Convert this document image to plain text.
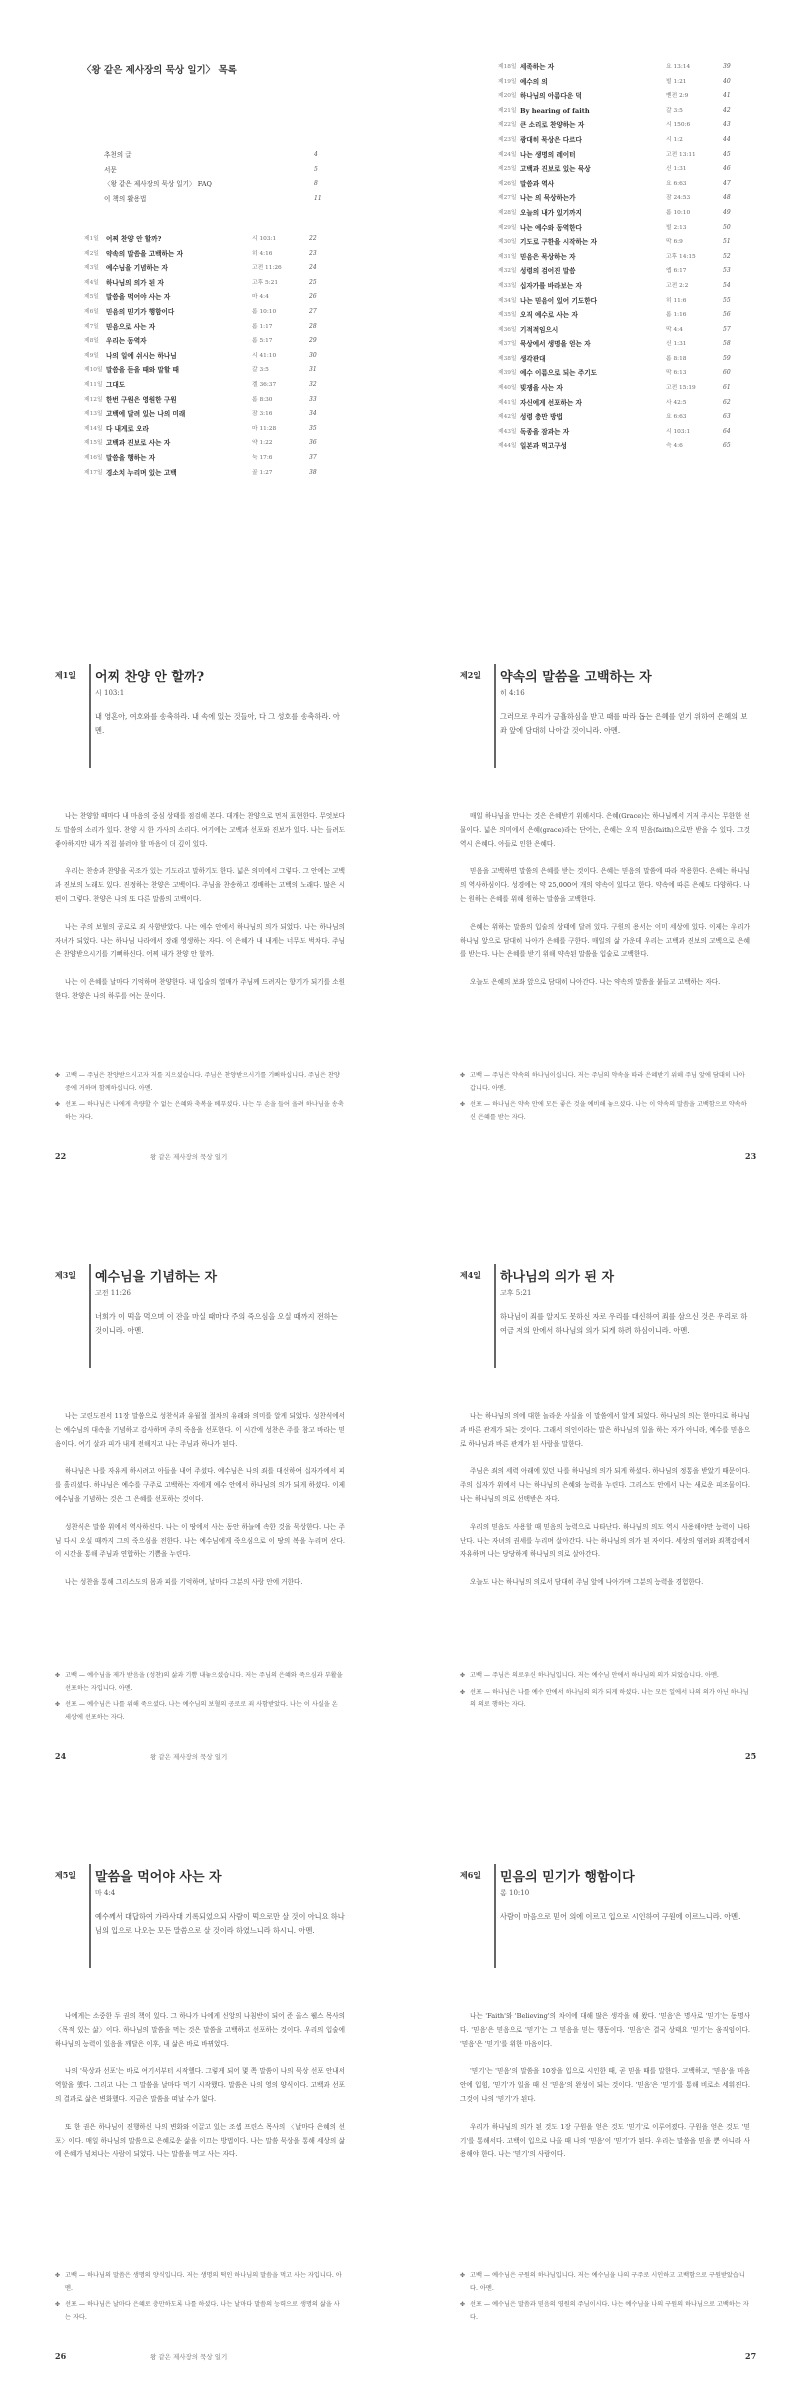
〈왕 같은 제사장의 묵상 일기〉 목록
추천의 글	4
서문	5
〈왕 같은 제사장의 묵상 일기〉 FAQ	8
이 책의 활용법	11
제1일 어찌 찬양 안 할까?	시 103:1	22
제2일 약속의 말씀을 고백하는 자	히 4:16	23
제3일 예수님을 기념하는 자	고전 11:26	24
제4일 하나님의 의가 된 자	고후 5:21	25
제5일 말씀을 먹어야 사는 자	마 4:4	26
제6일 믿음의 믿기가 행함이다	롬 10:10	27
제7일 믿음으로 사는 자	롬 1:17	28
제8일 우리는 동역자	롬 5:17	29
제9일 나의 일에 쉬시는 하나님	시 41:10	30
제10일 말씀을 듣을 때와 말할 때	갈 3:5	31
제11일 그대도	겔 36:37	32
제12일 한번 구원은 영원한 구원	롬 8:30	33
제13일 고백에 달려 있는 나의 미래	잠 3:16	34
제14일 다 내게로 오라	마 11:28	35
제15일 고백과 진보로 사는 자	약 1:22	36
제16일 말씀을 행하는 자	눅 17:6	37
제17일 경소치 누리며 있는 고백	골 1:27	38
제18일 세족하는 자	요 13:14	39
제19일 예수의 의	빌 1:21	40
제20일 하나님의 아름다운 덕	벧전 2:9	41
제21일 By hearing of faith	갈 3:5	42
제22일 큰 소리로 찬양하는 자	시 150:6	43
제23일 광대히 묵상은 다르다	시 1:2	44
제24일 나는 생명의 레이터	고전 13:11	45
제25일 고백과 진보로 있는 묵상	신 1:31	46
제26일 말씀과 역사	요 6:63	47
제27일 나는 의 묵상하는가	잠 24:53	48
제28일 오늘의 내가 있기까지	롬 10:10	49
제29일 나는 예수와 동역한다	빌 2:13	50
제30일 기도로 구한을 시작하는 자	막 6:9	51
제31일 믿음은 묵상하는 자	고후 14:15	52
제32일 성령의 검어진 말씀	엡 6:17	53
제33일 십자가를 바라보는 자	고전 2:2	54
제34일 나는 믿음이 있어 기도한다	히 11:6	55
제35일 오직 예수로 사는 자	롬 1:16	56
제36일 기적적임으시	막 4:4	57
제37일 묵상에서 생명을 얻는 자	신 1:31	58
제38일 생각관대	롬 8:18	59
제39일 예수 이름으로 되는 주기도	막 6:13	60
제40일 빚쟁을 사는 자	고전 15:19	61
제41일 자신에게 선포하는 자	사 42:5	62
제42일 성령 충만 방법	요 6:63	63
제43일 독종을 잠과는 자	시 103:1	64
제44일 일본과 먹고구성	슥 4:6	65
제1일 어찌 찬양 안 할까?
시 103:1
내 영혼아, 여호와를 송축하라. 내 속에 있는 것들아, 다 그 성호를 송축하라. 아멘.

나는 찬양할 때마다 내 마음의 중심 상태를 점검해 본다. 대개는 찬양으로 먼저 표현한다. 무엇보다도 말씀의 소리가 있다. 찬양 시 한 가사의 소리다. 여기에는 고백과 선포와 진보가 있다. 나는 들려도 좋아하지만 내가 직접 불러야 할 마음이 더 깊이 있다.

우리는 찬송과 찬양을 곡조가 있는 기도라고 말하기도 한다. 넓은 의미에서 그렇다. 그 안에는 고백과 진보의 노래도 있다. 진정하는 찬양은 고백이다. 주님을 찬송하고 경배하는 고백의 노래다. 많은 시편이 그렇다. 찬양은 나의 또 다른 말씀의 고백이다.

나는 주의 보혈의 공로로 죄 사함받았다. 나는 예수 안에서 하나님의 의가 되었다. 나는 하나님의 자녀가 되었다. 나는 하나님 나라에서 장래 영생하는 자다. 이 은혜가 내 내게는 너무도 벅차다. 주님은 찬양받으시기를 기뻐하신다. 어찌 내가 찬양 안 할까.

나는 이 은혜를 날마다 기억하며 찬양한다. 내 입술의 열매가 주님께 드려지는 향기가 되기를 소원한다. 찬양은 나의 하루를 여는 문이다.

✤ 고백 — 주님은 찬양받으시고자 저를 지으셨습니다. 주님은 찬양받으시기를 기뻐하십니다. 주님은 찬양 중에 거하며 함께하십니다. 아멘.
✤ 선포 — 하나님은 나에게 측량할 수 없는 은혜와 축복을 베푸셨다. 나는 두 손을 들어 올려 하나님을 송축하는 자다.
22	왕 같은 제사장의 묵상 일기
제2일 약속의 말씀을 고백하는 자
히 4:16
그러므로 우리가 긍휼하심을 받고 때를 따라 돕는 은혜를 얻기 위하여 은혜의 보좌 앞에 담대히 나아갈 것이니라. 아멘.

매일 하나님을 만나는 것은 은혜받기 위해서다. 은혜(Grace)는 하나님께서 거저 주시는 무한한 선물이다. 넓은 의미에서 은혜(grace)라는 단어는, 은혜는 오직 믿음(faith)으로만 받을 수 있다. 그것 역시 은혜다. 아들로 인한 은혜다.

믿음을 고백하면 말씀의 은혜를 받는 것이다. 은혜는 믿음의 말씀에 따라 작용한다. 은혜는 하나님의 역사하심이다. 성경에는 약 25,000여 개의 약속이 있다고 한다. 약속에 따른 은혜도 다양하다. 나는 원하는 은혜를 위해 원하는 말씀을 고백한다.

은혜는 위하는 말씀의 입술의 상태에 달려 있다. 구원의 용서는 이미 세상에 있다. 이제는 우리가 하나님 앞으로 담대히 나아가 은혜를 구한다. 매일의 삶 가운데 우리는 고백과 진보의 고백으로 은혜를 받는다. 나는 은혜를 받기 위해 약속된 말씀을 입술로 고백한다.

오늘도 은혜의 보좌 앞으로 담대히 나아간다. 나는 약속의 말씀을 붙들고 고백하는 자다.

✤ 고백 — 주님은 약속의 하나님이십니다. 저는 주님의 약속을 따라 은혜받기 위해 주님 앞에 담대히 나아갑니다. 아멘.
✤ 선포 — 하나님은 약속 안에 모든 좋은 것을 예비해 놓으셨다. 나는 이 약속의 말씀을 고백함으로 약속하신 은혜를 받는 자다.
23
제3일 예수님을 기념하는 자
고전 11:26
너희가 이 떡을 먹으며 이 잔을 마실 때마다 주의 죽으심을 오실 때까지 전하는 것이니라. 아멘.

나는 고린도전서 11장 말씀으로 성찬식과 유월절 절차의 유래와 의미를 알게 되었다. 성찬식에서는 예수님의 대속을 기념하고 감사하며 주의 죽음을 선포한다. 이 시간에 성찬은 주를 참고 바라는 믿음이다. 여기 살과 피가 내게 전해지고 나는 주님과 하나가 된다.

하나님은 나를 자유케 하시려고 아들을 내어 주셨다. 예수님은 나의 죄를 대신하여 십자가에서 피를 흘리셨다. 하나님은 예수를 구주로 고백하는 자에게 예수 안에서 하나님의 의가 되게 하셨다. 이제 예수님을 기념하는 것은 그 은혜를 선포하는 것이다.

성찬식은 말씀 위에서 역사하신다. 나는 이 땅에서 사는 동안 하늘에 속한 것을 묵상한다. 나는 주님 다시 오실 때까지 그의 죽으심을 전한다. 나는 예수님에게 죽으심으로 이 땅의 복을 누리며 산다. 이 시간을 통해 주님과 연합하는 기쁨을 누린다.

나는 성찬을 통해 그리스도의 몸과 피를 기억하며, 날마다 그분의 사랑 안에 거한다.

✤ 고백 — 예수님을 제가 받음을 (성찬)의 삶과 기쁨 내놓으셨습니다. 저는 주님의 은혜와 죽으심과 부활을 선포하는 자입니다. 아멘.
✤ 선포 — 예수님은 나를 위해 죽으셨다. 나는 예수님의 보혈의 공로로 죄 사함받았다. 나는 이 사실을 온 세상에 선포하는 자다.
24	왕 같은 제사장의 묵상 일기
제4일 하나님의 의가 된 자
고후 5:21
하나님이 죄를 알지도 못하신 자로 우리를 대신하여 죄를 삼으신 것은 우리로 하여금 저의 안에서 하나님의 의가 되게 하려 하심이니라. 아멘.

나는 하나님의 의에 대한 놀라운 사실을 이 말씀에서 알게 되었다. 하나님의 의는 한마디로 하나님과 바른 관계가 되는 것이다. 그래서 의인이라는 말은 하나님의 일을 하는 자가 아니라, 예수를 믿음으로 하나님과 바른 관계가 된 사람을 말한다.

주님은 죄의 세력 아래에 있던 나를 하나님의 의가 되게 하셨다. 하나님의 정통을 받았기 때문이다. 주의 십자가 위에서 나는 하나님의 은혜와 능력을 누린다. 그리스도 안에서 나는 새로운 피조물이다. 나는 하나님의 의로 선택받은 자다.

우리의 믿음도 사용할 때 믿음의 능력으로 나타난다. 하나님의 의도 역시 사용해야만 능력이 나타난다. 나는 자녀의 권세를 누리며 살아간다. 나는 하나님의 의가 된 자이다. 세상의 염려와 죄책감에서 자유하며 나는 당당하게 하나님의 의로 살아간다.

오늘도 나는 하나님의 의로서 담대히 주님 앞에 나아가며 그분의 능력을 경험한다.

✤ 고백 — 주님은 의로우신 하나님입니다. 저는 예수님 안에서 하나님의 의가 되었습니다. 아멘.
✤ 선포 — 하나님은 나를 예수 안에서 하나님의 의가 되게 하셨다. 나는 모든 일에서 나의 의가 아닌 하나님의 의로 행하는 자다.
25
제5일 말씀을 먹어야 사는 자
마 4:4
예수께서 대답하여 가라사대 기록되었으되 사람이 떡으로만 살 것이 아니요 하나님의 입으로 나오는 모든 말씀으로 살 것이라 하였느니라 하시니. 아멘.

나에게는 소중한 두 권의 책이 있다. 그 하나가 나에게 신앙의 나침반이 되어 준 올스 웰스 목사의 〈목적 있는 삶〉이다. 하나님의 말씀을 먹는 것은 말씀을 고백하고 선포하는 것이다. 우리의 입술에 하나님의 능력이 있음을 깨달은 이후, 내 삶은 바로 바뀌었다.

나의 '묵상과 선포'는 바로 여기서부터 시작했다. 그렇게 되어 몇 쪽 말씀이 나의 묵상 선포 안내서 역할을 했다. 그리고 나는 그 말씀을 날마다 먹기 시작했다. 말씀은 나의 영의 양식이다. 고백과 선포의 결과로 삶은 변화했다. 지금은 말씀을 떠날 수가 없다.

또 한 권은 하나님이 진행하신 나의 변화와 이끌고 있는 조셉 프린스 목사의 〈날마다 은혜의 선포〉이다. 매일 하나님의 말씀으로 은혜로운 삶을 이끄는 방법이다. 나는 말씀 묵상을 통해 세상의 삶에 은혜가 넘쳐나는 사람이 되었다. 나는 말씀을 먹고 사는 자다.

✤ 고백 — 하나님의 말씀은 생명의 양식입니다. 저는 생명의 떡인 하나님의 말씀을 먹고 사는 자입니다. 아멘.
✤ 선포 — 하나님은 날마다 은혜로 충만하도록 나를 하셨다. 나는 날마다 말씀의 능력으로 생명의 삶을 사는 자다.
26	왕 같은 제사장의 묵상 일기
제6일 믿음의 믿기가 행함이다
롬 10:10
사람이 마음으로 믿어 의에 이르고 입으로 시인하여 구원에 이르느니라. 아멘.

나는 'Faith'와 'Believing'의 차이에 대해 많은 생각을 해 왔다. '믿음'은 명사로 '믿기'는 동명사다. '믿음'은 믿음으로 '믿기'는 그 믿음을 믿는 행동이다. '믿음'은 결국 상태요 '믿기'는 움직임이다. '믿음'은 '믿기'를 위한 마음이다.

'믿기'는 '믿음'의 말씀을 10장을 입으로 시인한 때, 곧 믿을 때를 말한다. 고백하고, '믿음'을 마음 안에 입힘, '믿기'가 일을 때 신 '믿음'의 완성이 되는 것이다. '믿음'은 '믿기'를 통해 비로소 세워진다. 그것이 나의 '믿기'가 된다.

우리가 하나님의 의가 된 것도 1장 구원을 얻은 것도 '믿기'로 이루어졌다. 구원을 얻은 것도 '믿기'를 통해서다. 고백이 입으로 나올 때 나의 '믿음'이 '믿기'가 된다. 우리는 말씀을 믿을 뿐 아니라 사용해야 한다. 나는 '믿기'의 사람이다.

✤ 고백 — 예수님은 구원의 하나님입니다. 저는 예수님을 나의 구주로 시인하고 고백함으로 구원받았습니다. 아멘.
✤ 선포 — 예수님은 말씀과 믿음의 영원의 주님이시다. 나는 예수님을 나의 구원의 하나님으로 고백하는 자다.
27
